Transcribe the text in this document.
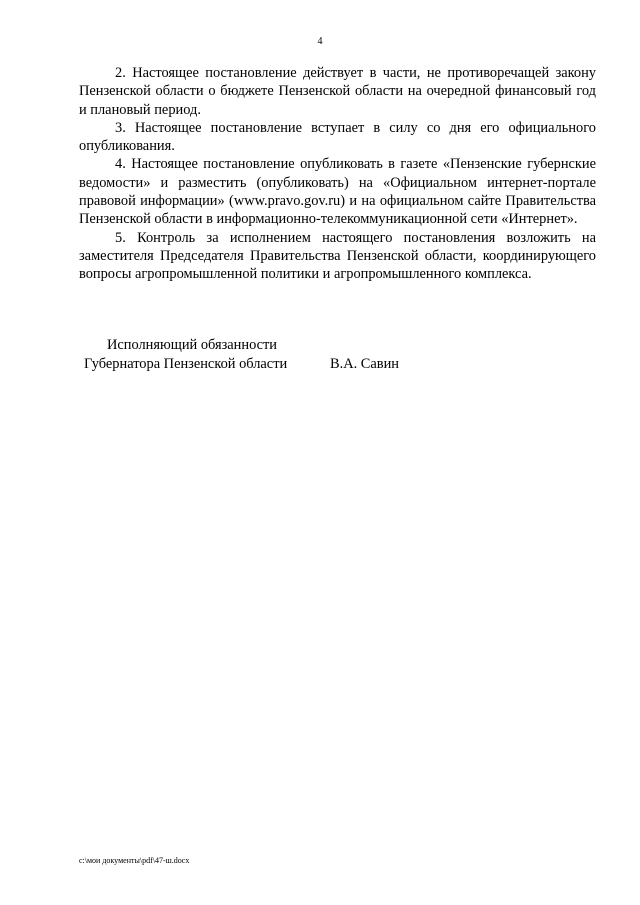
4

2. Настоящее постановление действует в части, не противоречащей закону Пензенской области о бюджете Пензенской области на очередной финансовый год и плановый период.

3. Настоящее постановление вступает в силу со дня его официального опубликования.

4. Настоящее постановление опубликовать в газете «Пензенские губернские ведомости» и разместить (опубликовать) на «Официальном интернет-портале правовой информации» (www.pravo.gov.ru) и на официальном сайте Правительства Пензенской области в информационно-телекоммуникационной сети «Интернет».

5. Контроль за исполнением настоящего постановления возложить на заместителя Председателя Правительства Пензенской области, координирующего вопросы агропромышленной политики и агропромышленного комплекса.

Исполняющий обязанности
Губернатора Пензенской области	В.А. Савин
c:\мои документы\pdf\47-ш.docx
